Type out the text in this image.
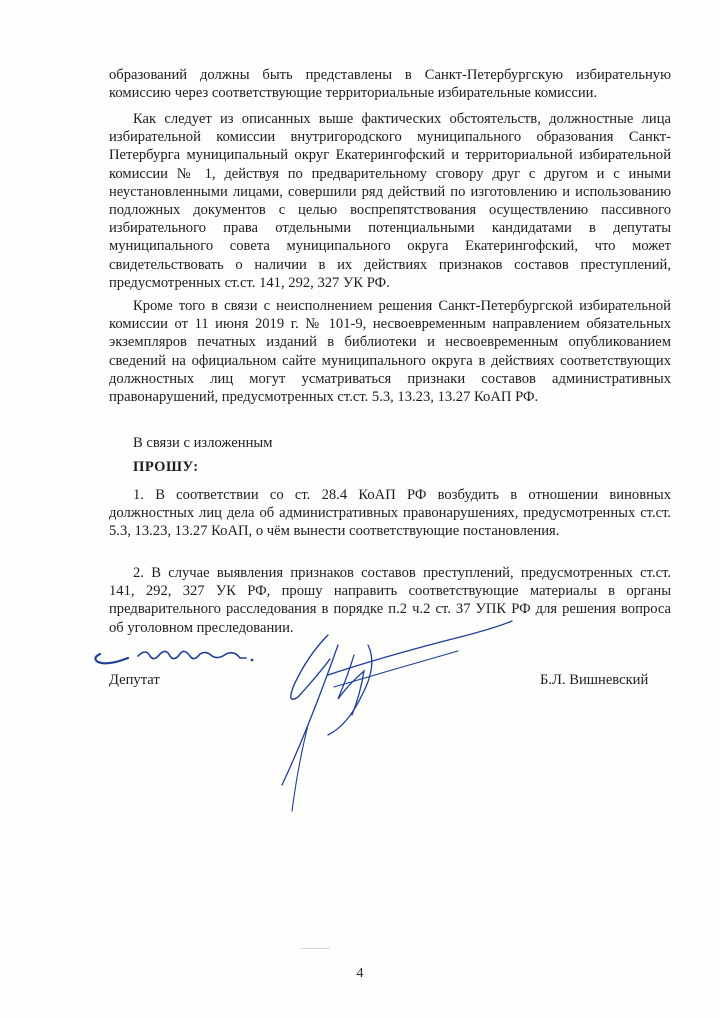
образований должны быть представлены в Санкт-Петербургскую избирательную комиссию через соответствующие территориальные избирательные комиссии.
Как следует из описанных выше фактических обстоятельств, должностные лица избирательной комиссии внутригородского муниципального образования Санкт-Петербурга муниципальный округ Екатерингофский и территориальной избирательной комиссии № 1, действуя по предварительному сговору друг с другом и с иными неустановленными лицами, совершили ряд действий по изготовлению и использованию подложных документов с целью воспрепятствования осуществлению пассивного избирательного права отдельными потенциальными кандидатами в депутаты муниципального совета муниципального округа Екатерингофский, что может свидетельствовать о наличии в их действиях признаков составов преступлений, предусмотренных ст.ст. 141, 292, 327 УК РФ.
Кроме того в связи с неисполнением решения Санкт-Петербургской избирательной комиссии от 11 июня 2019 г. № 101-9, несвоевременным направлением обязательных экземпляров печатных изданий в библиотеки и несвоевременным опубликованием сведений на официальном сайте муниципального округа в действиях соответствующих должностных лиц могут усматриваться признаки составов административных правонарушений, предусмотренных ст.ст. 5.3, 13.23, 13.27 КоАП РФ.
В связи с изложенным
ПРОШУ:
1. В соответствии со ст. 28.4 КоАП РФ возбудить в отношении виновных должностных лиц дела об административных правонарушениях, предусмотренных ст.ст. 5.3, 13.23, 13.27 КоАП, о чём вынести соответствующие постановления.
2. В случае выявления признаков составов преступлений, предусмотренных ст.ст. 141, 292, 327 УК РФ, прошу направить соответствующие материалы в органы предварительного расследования в порядке п.2 ч.2 ст. 37 УПК РФ для решения вопроса об уголовном преследовании.
Депутат	Б.Л. Вишневский
4
